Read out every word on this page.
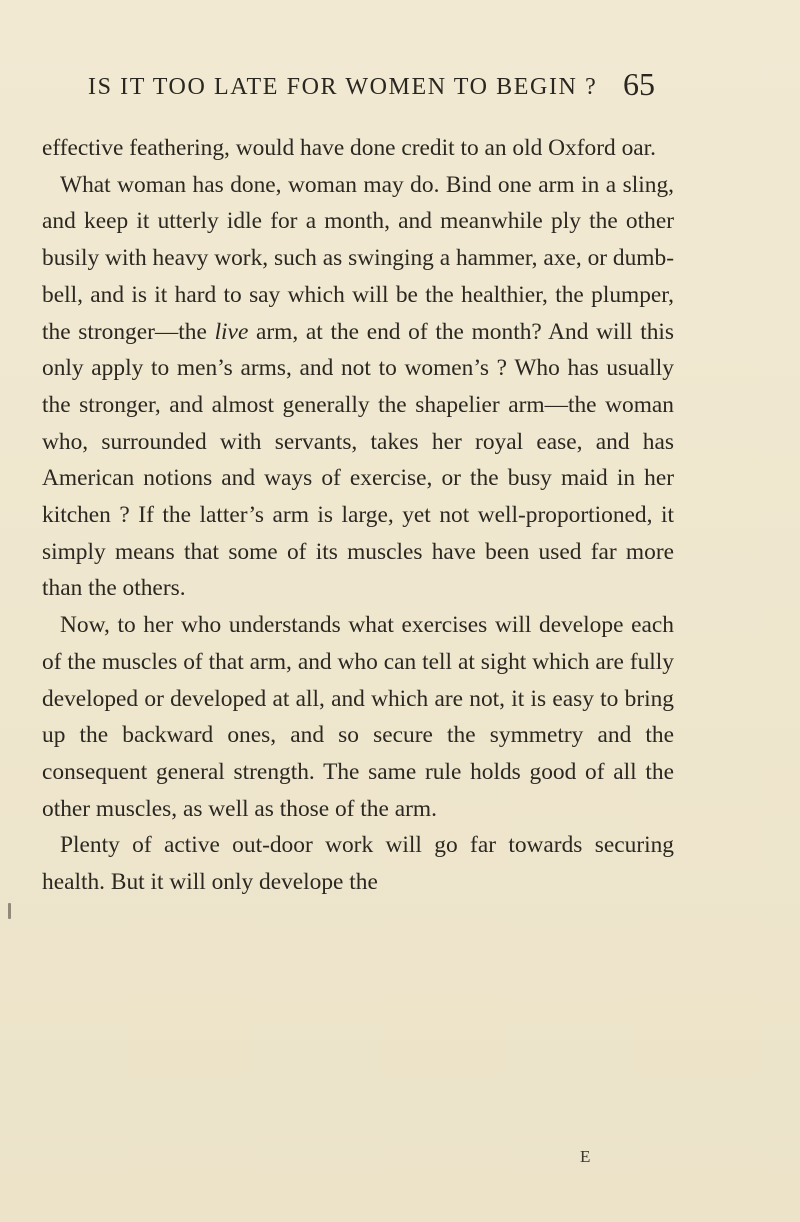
IS IT TOO LATE FOR WOMEN TO BEGIN ? 65

effective feathering, would have done credit to an old Oxford oar.

What woman has done, woman may do. Bind one arm in a sling, and keep it utterly idle for a month, and meanwhile ply the other busily with heavy work, such as swinging a hammer, axe, or dumb-bell, and is it hard to say which will be the healthier, the plumper, the stronger—the live arm, at the end of the month? And will this only apply to men’s arms, and not to women’s ? Who has usually the stronger, and almost generally the shapelier arm—the woman who, surrounded with servants, takes her royal ease, and has American notions and ways of exercise, or the busy maid in her kitchen ? If the latter’s arm is large, yet not well-proportioned, it simply means that some of its muscles have been used far more than the others.

Now, to her who understands what exercises will develope each of the muscles of that arm, and who can tell at sight which are fully developed or developed at all, and which are not, it is easy to bring up the backward ones, and so secure the symmetry and the consequent general strength. The same rule holds good of all the other muscles, as well as those of the arm.

Plenty of active out-door work will go far towards securing health. But it will only develope the

E
